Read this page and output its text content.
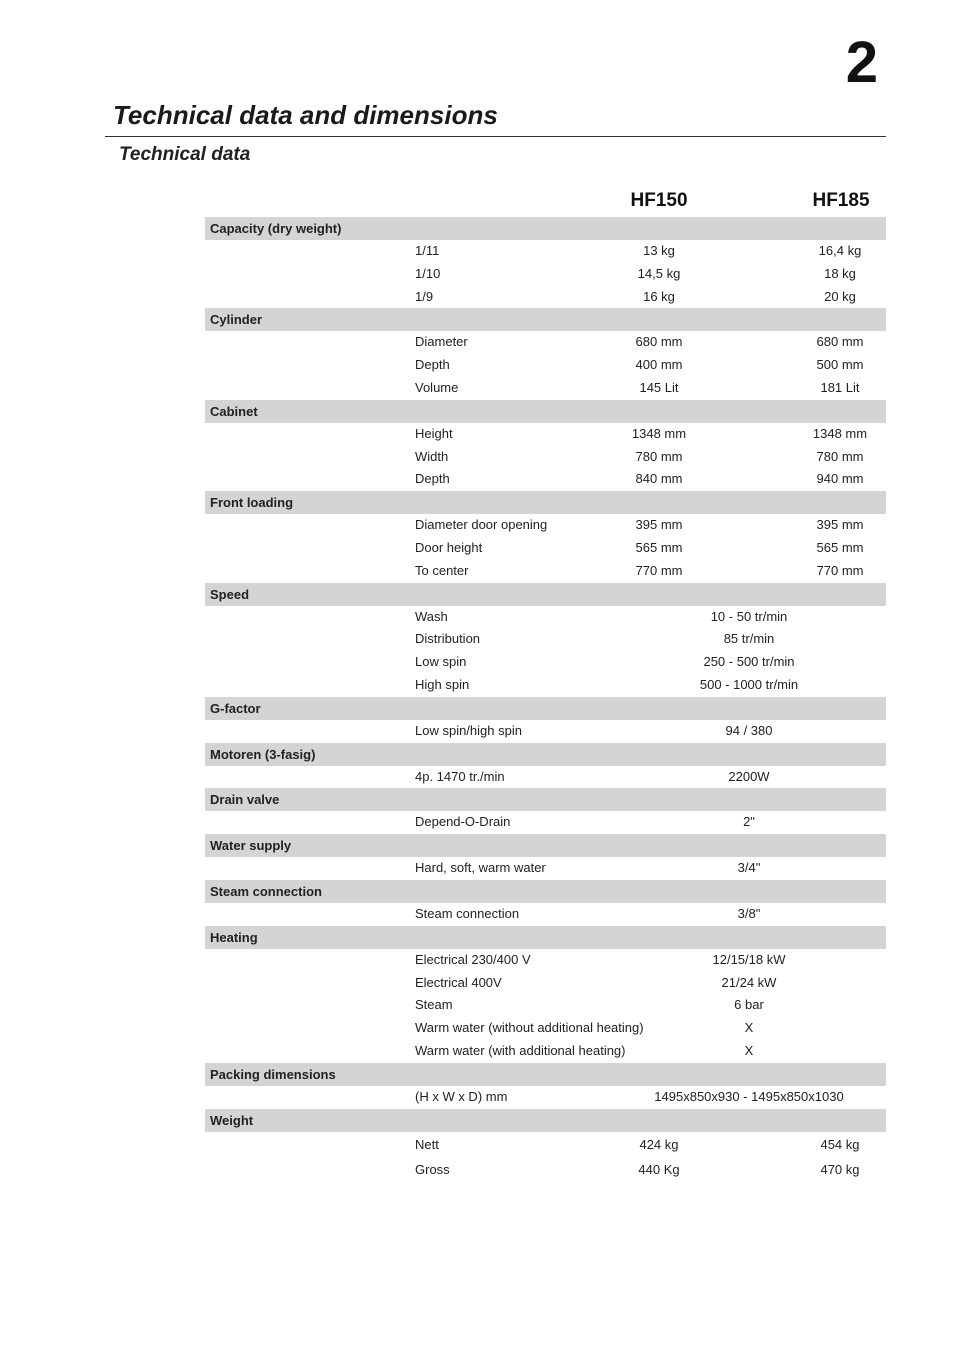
2
Technical data and dimensions
Technical data
HF150	HF185
Capacity (dry weight)
1/11	13 kg	16,4 kg
1/10	14,5 kg	18 kg
1/9	16 kg	20 kg
Cylinder
Diameter	680 mm	680 mm
Depth	400 mm	500 mm
Volume	145 Lit	181 Lit
Cabinet
Height	1348 mm	1348 mm
Width	780 mm	780 mm
Depth	840 mm	940 mm
Front loading
Diameter door opening	395 mm	395 mm
Door height	565 mm	565 mm
To center	770 mm	770 mm
Speed
Wash	10 - 50 tr/min
Distribution	85 tr/min
Low spin	250 - 500 tr/min
High spin	500 - 1000 tr/min
G-factor
Low spin/high spin	94 / 380
Motoren (3-fasig)
4p. 1470 tr./min	2200W
Drain valve
Depend-O-Drain	2"
Water supply
Hard, soft, warm water	3/4"
Steam connection
Steam connection	3/8"
Heating
Electrical 230/400 V	12/15/18 kW
Electrical 400V	21/24 kW
Steam	6 bar
Warm water (without additional heating)	X
Warm water (with additional heating)	X
Packing dimensions
(H x W x D) mm	1495x850x930 - 1495x850x1030
Weight
Nett	424 kg	454 kg
Gross	440 Kg	470 kg
